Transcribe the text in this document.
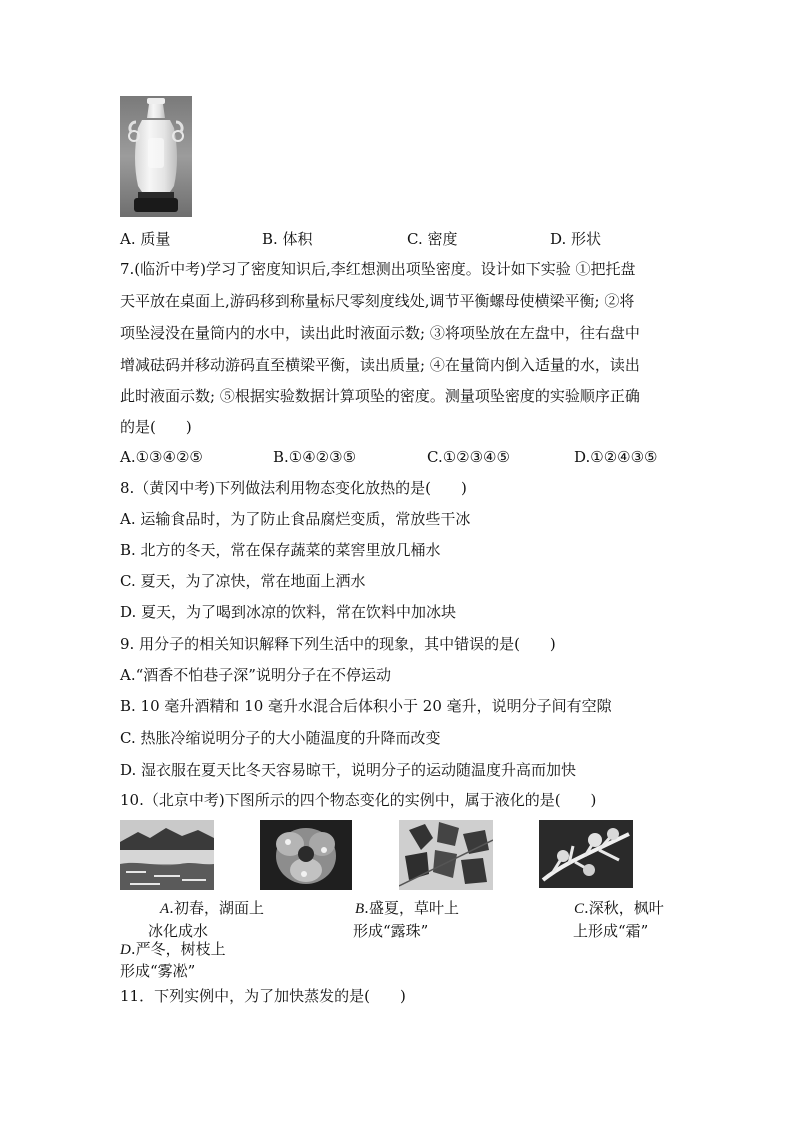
A. 质量	B. 体积	C. 密度	D. 形状
7.(临沂中考)学习了密度知识后,李红想测出项坠密度。设计如下实验 ①把托盘
天平放在桌面上,游码移到称量标尺零刻度线处,调节平衡螺母使横梁平衡; ②将
项坠浸没在量筒内的水中，读出此时液面示数; ③将项坠放在左盘中，往右盘中
增减砝码并移动游码直至横梁平衡，读出质量; ④在量筒内倒入适量的水，读出
此时液面示数; ⑤根据实验数据计算项坠的密度。测量项坠密度的实验顺序正确
的是(　　)
A.①③④②⑤	B.①④②③⑤	C.①②③④⑤	D.①②④③⑤
8.（黄冈中考)下列做法利用物态变化放热的是(　　)
A. 运输食品时，为了防止食品腐烂变质，常放些干冰
B. 北方的冬天，常在保存蔬菜的菜窖里放几桶水
C. 夏天，为了凉快，常在地面上洒水
D. 夏天，为了喝到冰凉的饮料，常在饮料中加冰块
9. 用分子的相关知识解释下列生活中的现象，其中错误的是(　　)
A.“酒香不怕巷子深”说明分子在不停运动
B. 10 毫升酒精和 10 毫升水混合后体积小于 20 毫升，说明分子间有空隙
C. 热胀冷缩说明分子的大小随温度的升降而改变
D. 湿衣服在夏天比冬天容易晾干，说明分子的运动随温度升高而加快
10.（北京中考)下图所示的四个物态变化的实例中，属于液化的是(　　)
A.初春，湖面上

冰化成水
B.盛夏，草叶上
形成“露珠”
C.深秋，枫叶
上形成“霜”
D.严冬，树枝上
形成“雾凇”
11．下列实例中，为了加快蒸发的是(　　)
